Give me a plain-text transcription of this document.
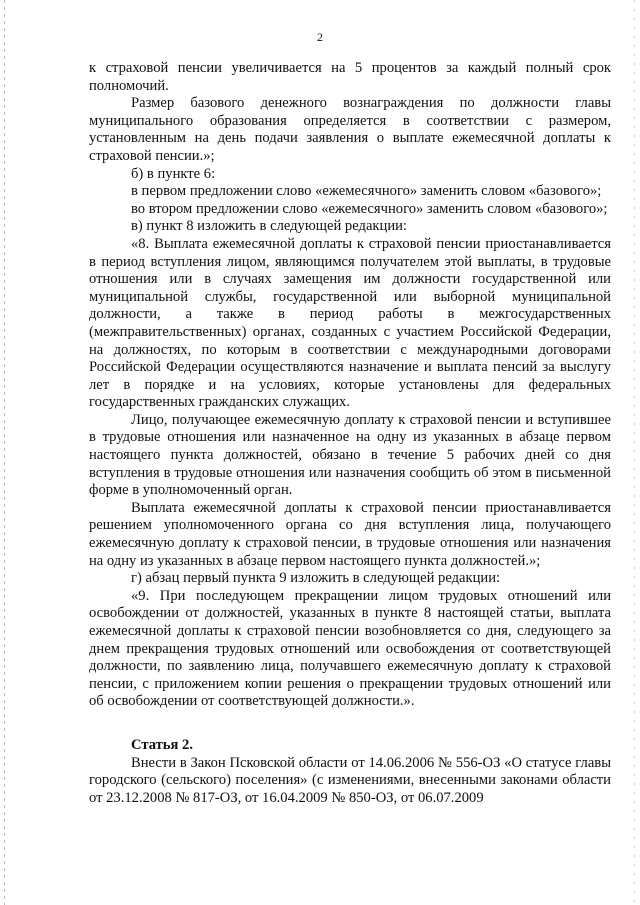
2

к страховой пенсии увеличивается на 5 процентов за каждый полный срок полномочий.

Размер базового денежного вознаграждения по должности главы муниципального образования определяется в соответствии с размером, установленным на день подачи заявления о выплате ежемесячной доплаты к страховой пенсии.»;

б) в пункте 6:

в первом предложении слово «ежемесячного» заменить словом «базового»;

во втором предложении слово «ежемесячного» заменить словом «базового»;

в) пункт 8 изложить в следующей редакции:

«8. Выплата ежемесячной доплаты к страховой пенсии приостанавливается в период вступления лицом, являющимся получателем этой выплаты, в трудовые отношения или в случаях замещения им должности государственной или муниципальной службы, государственной или выборной муниципальной должности, а также в период работы в межгосударственных (межправительственных) органах, созданных с участием Российской Федерации, на должностях, по которым в соответствии с международными договорами Российской Федерации осуществляются назначение и выплата пенсий за выслугу лет в порядке и на условиях, которые установлены для федеральных государственных гражданских служащих.

Лицо, получающее ежемесячную доплату к страховой пенсии и вступившее в трудовые отношения или назначенное на одну из указанных в абзаце первом настоящего пункта должностей, обязано в течение 5 рабочих дней со дня вступления в трудовые отношения или назначения сообщить об этом в письменной форме в уполномоченный орган.

Выплата ежемесячной доплаты к страховой пенсии приостанавливается решением уполномоченного органа со дня вступления лица, получающего ежемесячную доплату к страховой пенсии, в трудовые отношения или назначения на одну из указанных в абзаце первом настоящего пункта должностей.»;

г) абзац первый пункта 9 изложить в следующей редакции:

«9. При последующем прекращении лицом трудовых отношений или освобождении от должностей, указанных в пункте 8 настоящей статьи, выплата ежемесячной доплаты к страховой пенсии возобновляется со дня, следующего за днем прекращения трудовых отношений или освобождения от соответствующей должности, по заявлению лица, получавшего ежемесячную доплату к страховой пенсии, с приложением копии решения о прекращении трудовых отношений или об освобождении от соответствующей должности.».

Статья 2.

Внести в Закон Псковской области от 14.06.2006 № 556-ОЗ «О статусе главы городского (сельского) поселения» (с изменениями, внесенными законами области от 23.12.2008 № 817-ОЗ, от 16.04.2009 № 850-ОЗ, от 06.07.2009
